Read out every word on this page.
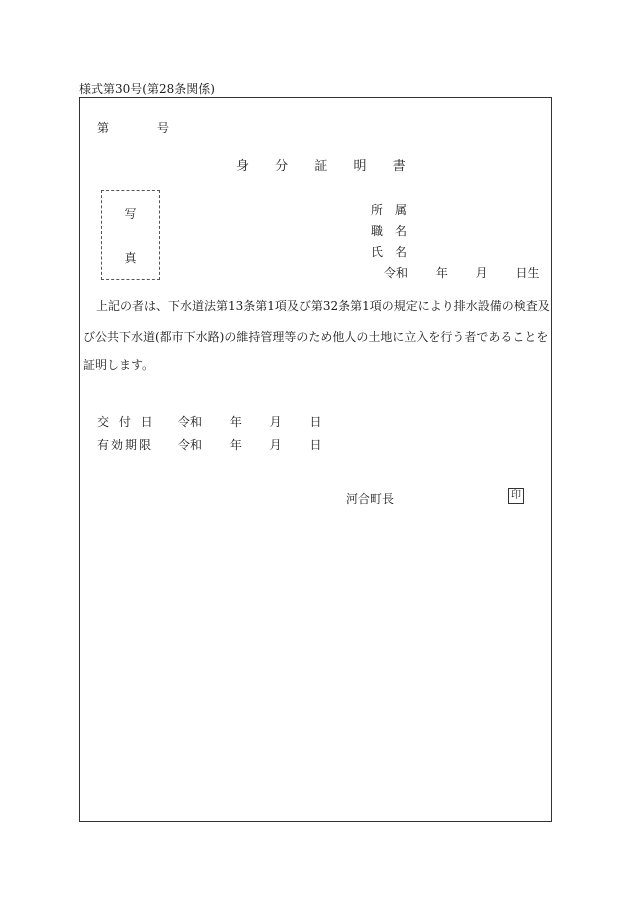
様式第30号(第28条関係)
第	号
身 分 証 明 書
写
真
所　属
職　名
氏　名
令和　　 年　　 月　　 日生
上記の者は、下水道法第13条第1項及び第32条第1項の規定により排水設備の検査及
び公共下水道(都市下水路)の維持管理等のため他人の土地に立入を行う者であることを
証明します。
交 付 日 令和　　 年　　 月　　 日
有効期限 令和　　 年　　 月　　 日
河合町長	印
